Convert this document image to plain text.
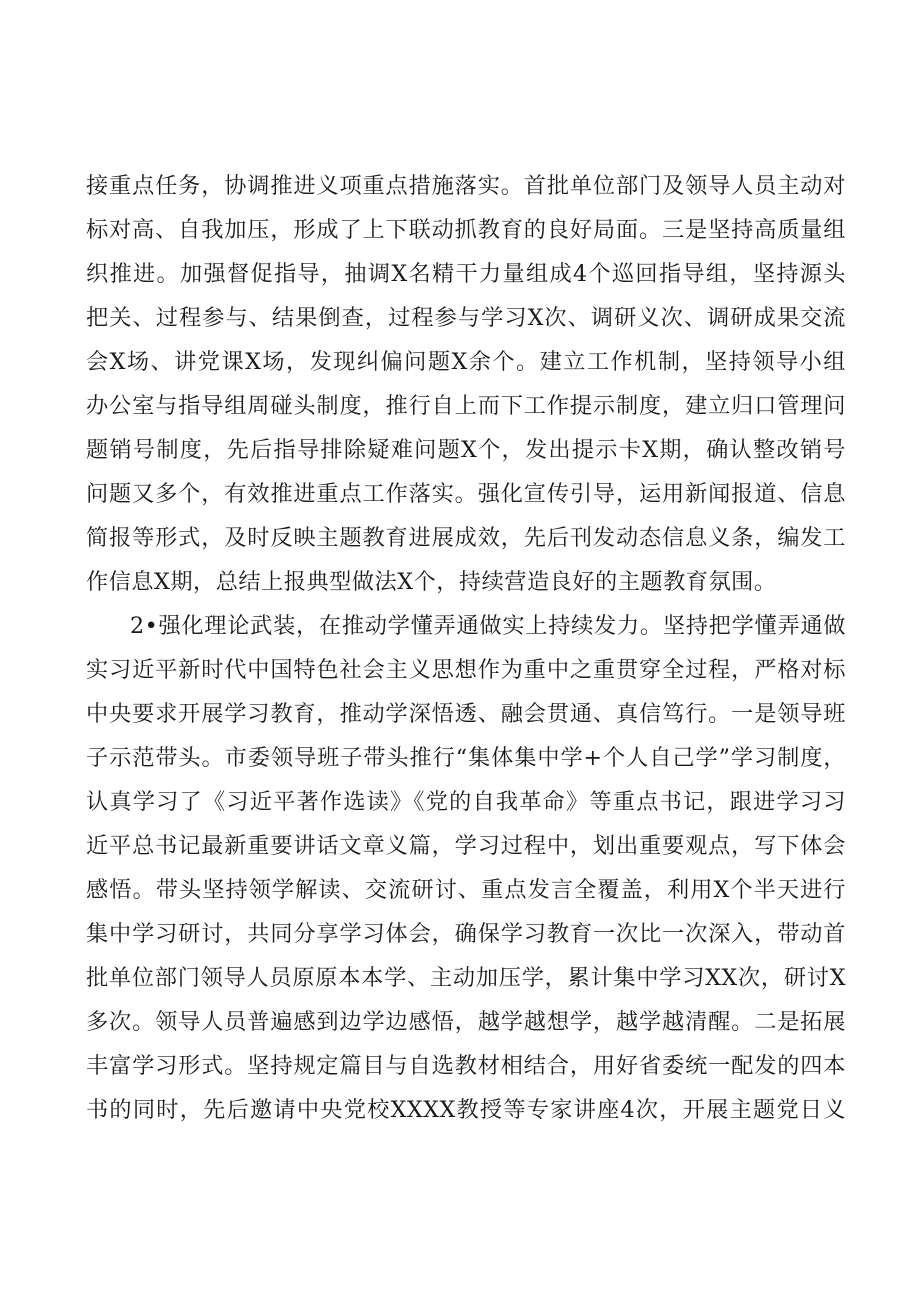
接重点任务，协调推进义项重点措施落实。首批单位部门及领导人员主动对
标对高、自我加压，形成了上下联动抓教育的良好局面。三是坚持高质量组
织推进。加强督促指导，抽调X名精干力量组成4个巡回指导组，坚持源头
把关、过程参与、结果倒查，过程参与学习X次、调研义次、调研成果交流
会X场、讲党课X场，发现纠偏问题X余个。建立工作机制，坚持领导小组
办公室与指导组周碰头制度，推行自上而下工作提示制度，建立归口管理问
题销号制度，先后指导排除疑难问题X个，发出提示卡X期，确认整改销号
问题又多个，有效推进重点工作落实。强化宣传引导，运用新闻报道、信息
简报等形式，及时反映主题教育进展成效，先后刊发动态信息义条，编发工
作信息X期，总结上报典型做法X个，持续营造良好的主题教育氛围。
2•强化理论武装，在推动学懂弄通做实上持续发力。坚持把学懂弄通做
实习近平新时代中国特色社会主义思想作为重中之重贯穿全过程，严格对标
中央要求开展学习教育，推动学深悟透、融会贯通、真信笃行。一是领导班
子示范带头。市委领导班子带头推行“集体集中学+个人自己学”学习制度，
认真学习了《习近平著作选读》《党的自我革命》等重点书记，跟进学习习
近平总书记最新重要讲话文章义篇，学习过程中，划出重要观点，写下体会
感悟。带头坚持领学解读、交流研讨、重点发言全覆盖，利用X个半天进行
集中学习研讨，共同分享学习体会，确保学习教育一次比一次深入，带动首
批单位部门领导人员原原本本学、主动加压学，累计集中学习XX次，研讨X
多次。领导人员普遍感到边学边感悟，越学越想学，越学越清醒。二是拓展
丰富学习形式。坚持规定篇目与自选教材相结合，用好省委统一配发的四本
书的同时，先后邀请中央党校XXXX教授等专家讲座4次，开展主题党日义
